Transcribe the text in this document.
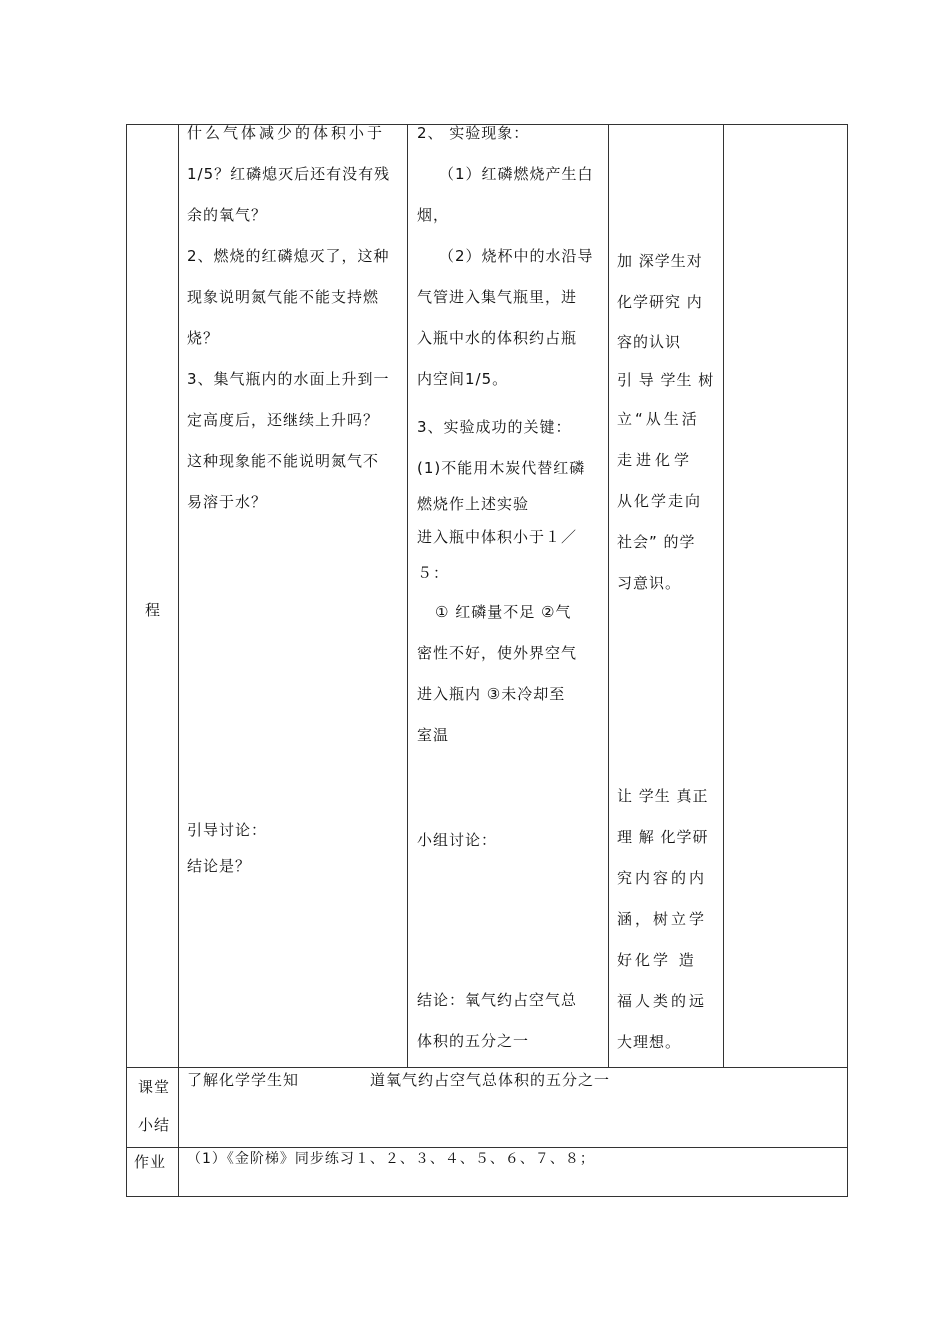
程
什么气体减少的体积小于
1/5？红磷熄灭后还有没有残
余的氧气？
2、燃烧的红磷熄灭了，这种
现象说明氮气能不能支持燃
烧？
3、集气瓶内的水面上升到一
定高度后，还继续上升吗？
这种现象能不能说明氮气不
易溶于水？
引导讨论：
结论是？
2、 实验现象：
（1）红磷燃烧产生白
烟，
（2）烧杯中的水沿导
气管进入集气瓶里，进
入瓶中水的体积约占瓶
内空间1/5。
3、实验成功的关键：
(1)不能用木炭代替红磷
燃烧作上述实验
进入瓶中体积小于１／
５：
① 红磷量不足 ②气
密性不好，使外界空气
进入瓶内 ③未冷却至
室温
小组讨论：
结论：氧气约占空气总
体积的五分之一
加 深学生对
化学研究 内
容的认识
引 导 学生 树
立“从生活
走进化学
从化学走向
社会” 的学
习意识。
让 学生 真正
理 解 化学研
究内容的内
涵，树立学
好化学 造
福人类的远
大理想。
课堂
小结
了解化学学生知	道氧气约占空气总体积的五分之一
作业 （1）《金阶梯》同步练习１、２、３、４、５、６、７、８；
